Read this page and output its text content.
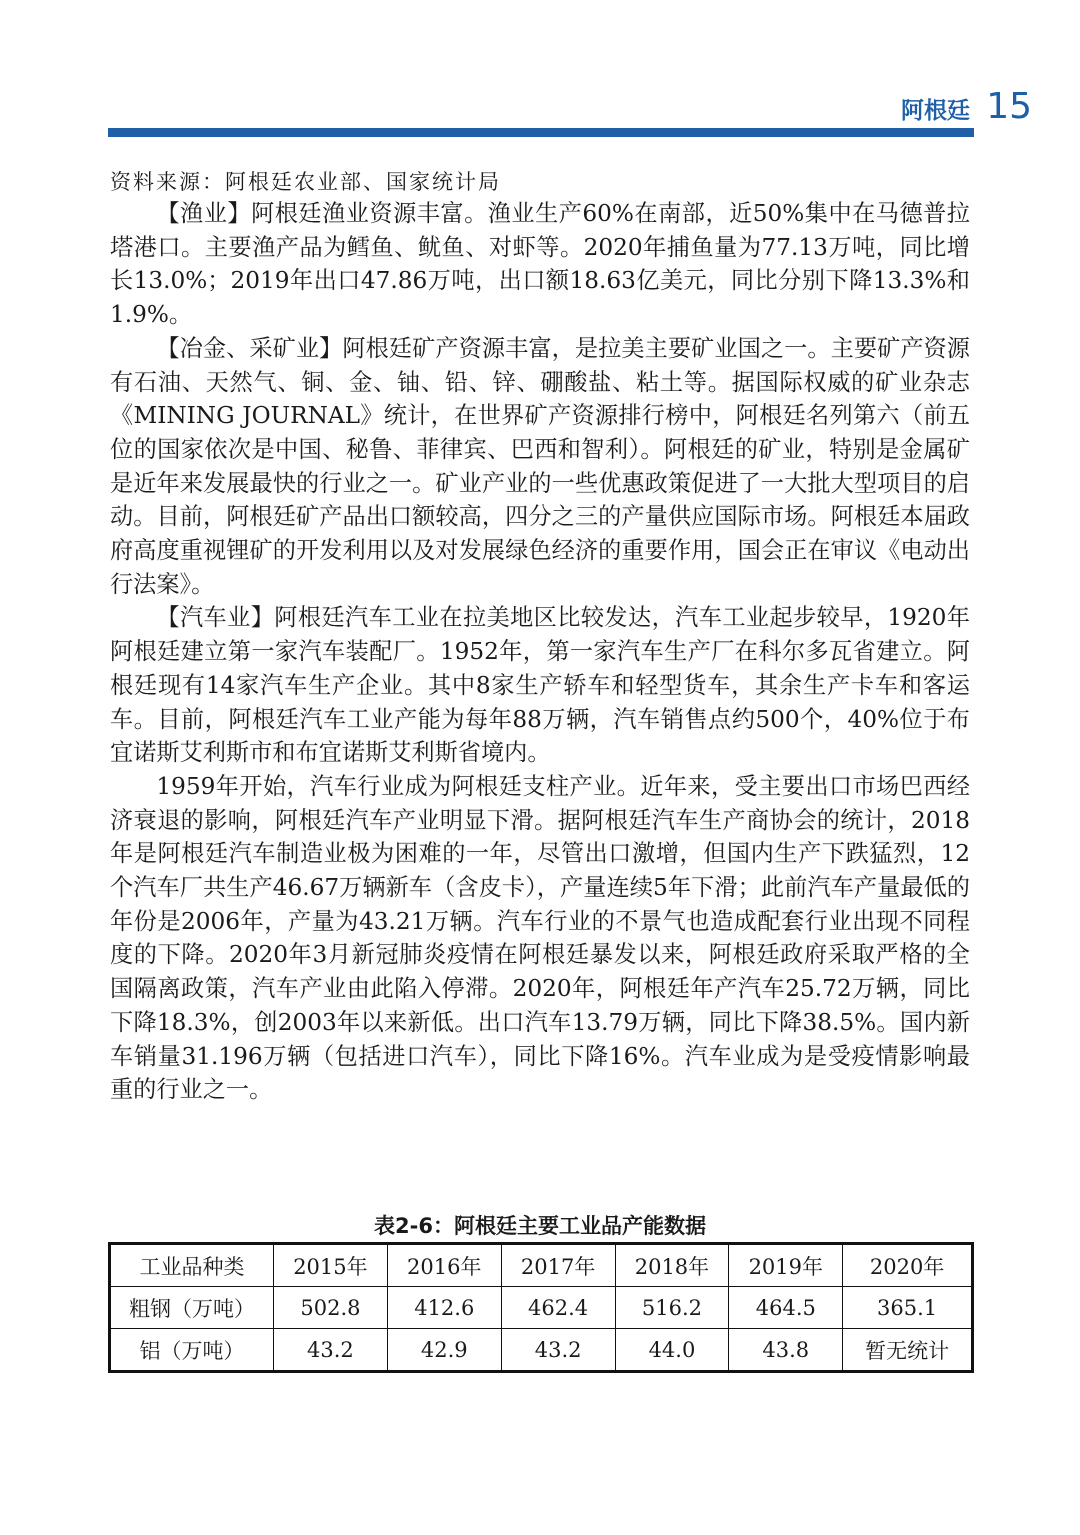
阿根廷 15
资料来源：阿根廷农业部、国家统计局

【渔业】阿根廷渔业资源丰富。渔业生产60%在南部，近50%集中在马德普拉塔港口。主要渔产品为鳕鱼、鱿鱼、对虾等。2020年捕鱼量为77.13万吨，同比增长13.0%；2019年出口47.86万吨，出口额18.63亿美元，同比分别下降13.3%和1.9%。

【冶金、采矿业】阿根廷矿产资源丰富，是拉美主要矿业国之一。主要矿产资源有石油、天然气、铜、金、铀、铅、锌、硼酸盐、粘土等。据国际权威的矿业杂志《MINING JOURNAL》统计，在世界矿产资源排行榜中，阿根廷名列第六（前五位的国家依次是中国、秘鲁、菲律宾、巴西和智利）。阿根廷的矿业，特别是金属矿是近年来发展最快的行业之一。矿业产业的一些优惠政策促进了一大批大型项目的启动。目前，阿根廷矿产品出口额较高，四分之三的产量供应国际市场。阿根廷本届政府高度重视锂矿的开发利用以及对发展绿色经济的重要作用，国会正在审议《电动出行法案》。

【汽车业】阿根廷汽车工业在拉美地区比较发达，汽车工业起步较早，1920年阿根廷建立第一家汽车装配厂。1952年，第一家汽车生产厂在科尔多瓦省建立。阿根廷现有14家汽车生产企业。其中8家生产轿车和轻型货车，其余生产卡车和客运车。目前，阿根廷汽车工业产能为每年88万辆，汽车销售点约500个，40%位于布宜诺斯艾利斯市和布宜诺斯艾利斯省境内。

1959年开始，汽车行业成为阿根廷支柱产业。近年来，受主要出口市场巴西经济衰退的影响，阿根廷汽车产业明显下滑。据阿根廷汽车生产商协会的统计，2018年是阿根廷汽车制造业极为困难的一年，尽管出口激增，但国内生产下跌猛烈，12个汽车厂共生产46.67万辆新车（含皮卡），产量连续5年下滑；此前汽车产量最低的年份是2006年，产量为43.21万辆。汽车行业的不景气也造成配套行业出现不同程度的下降。2020年3月新冠肺炎疫情在阿根廷暴发以来，阿根廷政府采取严格的全国隔离政策，汽车产业由此陷入停滞。2020年，阿根廷年产汽车25.72万辆，同比下降18.3%，创2003年以来新低。出口汽车13.79万辆，同比下降38.5%。国内新车销量31.196万辆（包括进口汽车），同比下降16%。汽车业成为是受疫情影响最重的行业之一。

表2-6：阿根廷主要工业品产能数据
工业品种类	2015年	2016年	2017年	2018年	2019年	2020年
粗钢（万吨）	502.8	412.6	462.4	516.2	464.5	365.1
铝（万吨）	43.2	42.9	43.2	44.0	43.8	暂无统计
